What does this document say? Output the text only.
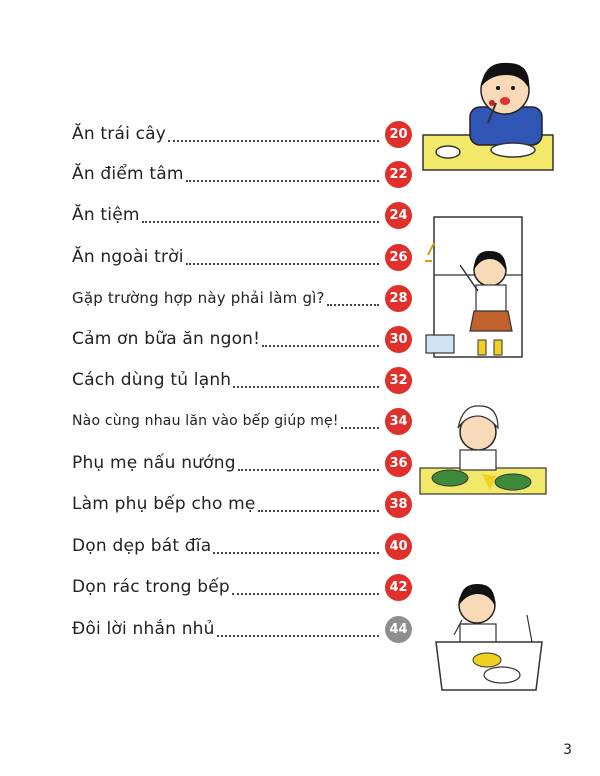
Ăn trái cây	20
Ăn điểm tâm	22
Ăn tiệm	24
Ăn ngoài trời	26
Gặp trường hợp này phải làm gì?	28
Cảm ơn bữa ăn ngon!	30
Cách dùng tủ lạnh	32
Nào cùng nhau lăn vào bếp giúp mẹ!	34
Phụ mẹ nấu nướng	36
Làm phụ bếp cho mẹ	38
Dọn dẹp bát đĩa	40
Dọn rác trong bếp	42
Đôi lời nhắn nhủ	44
3
